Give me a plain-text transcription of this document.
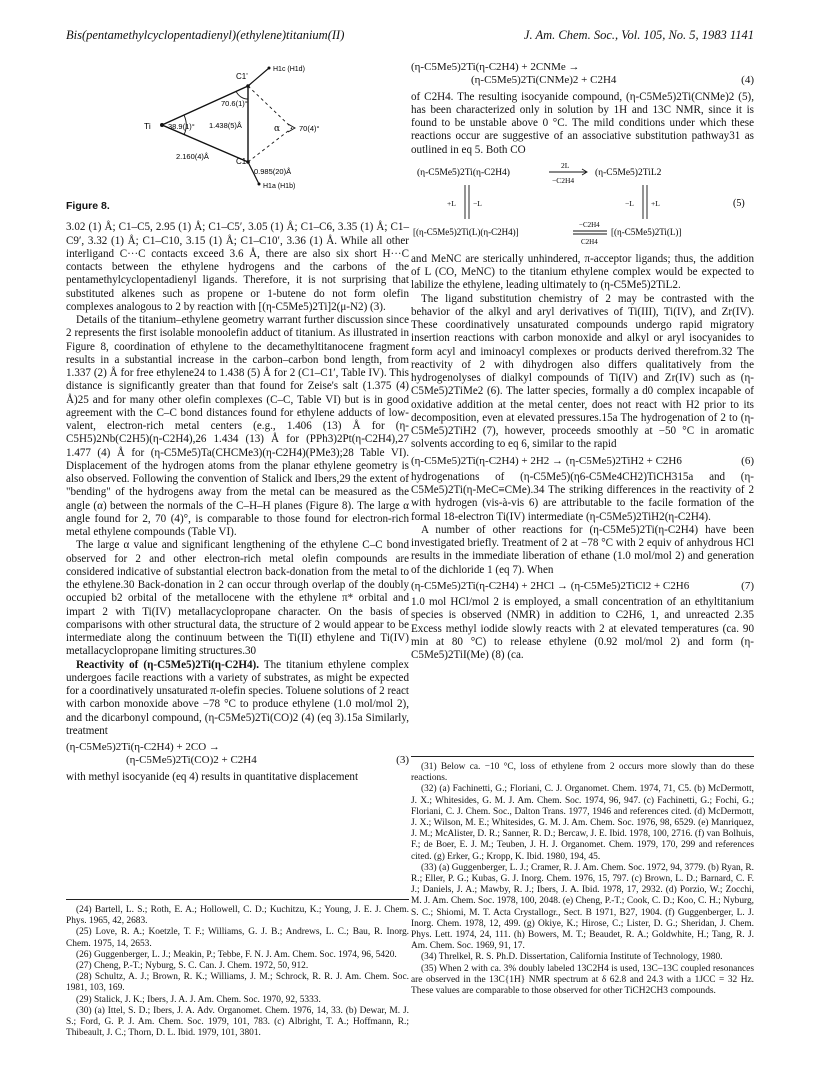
Bis(pentamethylcyclopentadienyl)(ethylene)titanium(II)	J. Am. Chem. Soc., Vol. 105, No. 5, 1983 1141
Ti
C1'
C1
H1c (H1d)
H1a (H1b)
38.9(1)°
70.6(1)°
1.438(5)Å
2.160(4)Å
0.985(20)Å
α	70(4)°
Figure 8.

3.02 (1) Å; C1–C5, 2.95 (1) Å; C1–C5′, 3.05 (1) Å; C1–C6, 3.35 (1) Å; C1–C9′, 3.32 (1) Å; C1–C10, 3.15 (1) Å; C1–C10′, 3.36 (1) Å. While all other interligand C···C contacts exceed 3.6 Å, there are also six short H···C contacts between the ethylene hydrogens and the carbons of the pentamethylcyclopentadienyl ligands. Therefore, it is not surprising that substituted alkenes such as propene or 1-butene do not form olefin complexes analogous to 2 by reaction with [(η-C5Me5)2Ti]2(μ-N2) (3).

Details of the titanium–ethylene geometry warrant further discussion since 2 represents the first isolable monoolefin adduct of titanium. As illustrated in Figure 8, coordination of ethylene to the decamethyltitanocene fragment results in a substantial increase in the carbon–carbon bond length, from 1.337 (2) Å for free ethylene24 to 1.438 (5) Å for 2 (C1–C1′, Table IV). This distance is significantly greater than that found for Zeise's salt (1.375 (4) Å)25 and for many other olefin complexes (C–C, Table VI) but is in good agreement with the C–C bond distances found for ethylene adducts of low-valent, electron-rich metal centers (e.g., 1.406 (13) Å for (η-C5H5)2Nb(C2H5)(η-C2H4),26 1.434 (13) Å for (PPh3)2Pt(η-C2H4),27 1.477 (4) Å for (η-C5Me5)Ta(CHCMe3)(η-C2H4)(PMe3);28 Table VI). Displacement of the hydrogen atoms from the planar ethylene geometry is also observed. Following the convention of Stalick and Ibers,29 the extent of "bending" of the hydrogens away from the metal can be measured as the angle (α) between the normals of the C–H–H planes (Figure 8). The large α angle found for 2, 70 (4)°, is comparable to those found for electron-rich metal ethylene compounds (Table VI).

The large α value and significant lengthening of the ethylene C–C bond observed for 2 and other electron-rich metal olefin compounds are considered indicative of substantial electron back-donation from the metal to the ethylene.30 Back-donation in 2 can occur through overlap of the doubly occupied b2 orbital of the metallocene with the ethylene π* orbital and impart 2 with Ti(IV) metallacyclopropane character. On the basis of comparisons with other structural data, the structure of 2 would appear to be intermediate along the continuum between the Ti(II) ethylene and Ti(IV) metallacyclopropane limiting structures.30

Reactivity of (η-C5Me5)2Ti(η-C2H4). The titanium ethylene complex undergoes facile reactions with a variety of substrates, as might be expected for a coordinatively unsaturated π-olefin species. Toluene solutions of 2 react with carbon monoxide above −78 °C to produce ethylene (1.0 mol/mol 2), and the dicarbonyl compound, (η-C5Me5)2Ti(CO)2 (4) (eq 3).15a Similarly, treatment

(η-C5Me5)2Ti(η-C2H4) + 2CO →
(η-C5Me5)2Ti(CO)2 + C2H4	(3)

with methyl isocyanide (eq 4) results in quantitative displacement

(24) Bartell, L. S.; Roth, E. A.; Hollowell, C. D.; Kuchitzu, K.; Young, J. E. J. Chem. Phys. 1965, 42, 2683.
(25) Love, R. A.; Koetzle, T. F.; Williams, G. J. B.; Andrews, L. C.; Bau, R. Inorg. Chem. 1975, 14, 2653.
(26) Guggenberger, L. J.; Meakin, P.; Tebbe, F. N. J. Am. Chem. Soc. 1974, 96, 5420.
(27) Cheng, P.-T.; Nyburg, S. C. Can. J. Chem. 1972, 50, 912.
(28) Schultz, A. J.; Brown, R. K.; Williams, J. M.; Schrock, R. R. J. Am. Chem. Soc. 1981, 103, 169.
(29) Stalick, J. K.; Ibers, J. A. J. Am. Chem. Soc. 1970, 92, 5333.
(30) (a) Ittel, S. D.; Ibers, J. A. Adv. Organomet. Chem. 1976, 14, 33. (b) Dewar, M. J. S.; Ford, G. P. J. Am. Chem. Soc. 1979, 101, 783. (c) Albright, T. A.; Hoffmann, R.; Thibeault, J. C.; Thorn, D. L. Ibid. 1979, 101, 3801.
(η-C5Me5)2Ti(η-C2H4) + 2CNMe →
(η-C5Me5)2Ti(CNMe)2 + C2H4	(4)

of C2H4. The resulting isocyanide compound, (η-C5Me5)2Ti(CNMe)2 (5), has been characterized only in solution by 1H and 13C NMR, since it is found to be unstable above 0 °C. The mild conditions under which these reactions occur are suggestive of an associative substitution pathway31 as outlined in eq 5. Both CO

(η-C5Me5)2Ti(η-C2H4)
2L
−C2H4
(η-C5Me5)2TiL2
+L −L	−L +L	(5)
[(η-C5Me5)2Ti(L)(η-C2H4)]
−C2H4
C2H4
[(η-C5Me5)2Ti(L)]

and MeNC are sterically unhindered, π-acceptor ligands; thus, the addition of L (CO, MeNC) to the titanium ethylene complex would be expected to labilize the ethylene, leading ultimately to (η-C5Me5)2TiL2.

The ligand substitution chemistry of 2 may be contrasted with the behavior of the alkyl and aryl derivatives of Ti(III), Ti(IV), and Zr(IV). These coordinatively unsaturated compounds undergo rapid migratory insertion reactions with carbon monoxide and alkyl or aryl isocyanides to form acyl and iminoacyl complexes or products derived therefrom.32 The reactivity of 2 with dihydrogen also differs qualitatively from the hydrogenolyses of dialkyl compounds of Ti(IV) and Zr(IV) such as (η-C5Me5)2TiMe2 (6). The latter species, formally a d0 complex incapable of oxidative addition at the metal center, does not react with H2 prior to its decomposition, even at elevated pressures.15a The hydrogenation of 2 to (η-C5Me5)2TiH2 (7), however, proceeds smoothly at −50 °C in aromatic solvents according to eq 6, similar to the rapid

(η-C5Me5)2Ti(η-C2H4) + 2H2 → (η-C5Me5)2TiH2 + C2H6	(6)

hydrogenations of (η-C5Me5)(η6-C5Me4CH2)TiCH315a and (η-C5Me5)2Ti(η-MeC≡CMe).34 The striking differences in the reactivity of 2 with hydrogen (vis-à-vis 6) are attributable to the facile formation of the formal 18-electron Ti(IV) intermediate (η-C5Me5)2TiH2(η-C2H4).

A number of other reactions for (η-C5Me5)2Ti(η-C2H4) have been investigated briefly. Treatment of 2 at −78 °C with 2 equiv of anhydrous HCl results in the immediate liberation of ethane (1.0 mol/mol 2) and generation of the dichloride 1 (eq 7). When

(η-C5Me5)2Ti(η-C2H4) + 2HCl → (η-C5Me5)2TiCl2 + C2H6	(7)

1.0 mol HCl/mol 2 is employed, a small concentration of an ethyltitanium species is observed (NMR) in addition to C2H6, 1, and unreacted 2.35 Excess methyl iodide slowly reacts with 2 at elevated temperatures (ca. 90 min at 80 °C) to release ethylene (0.92 mol/mol 2) and form (η-C5Me5)2TiI(Me) (8) (ca.

(31) Below ca. −10 °C, loss of ethylene from 2 occurs more slowly than do these reactions.
(32) (a) Fachinetti, G.; Floriani, C. J. Organomet. Chem. 1974, 71, C5. (b) McDermott, J. X.; Whitesides, G. M. J. Am. Chem. Soc. 1974, 96, 947. (c) Fachinetti, G.; Fochi, G.; Floriani, C. J. Chem. Soc., Dalton Trans. 1977, 1946 and references cited. (d) McDermott, J. X.; Wilson, M. E.; Whitesides, G. M. J. Am. Chem. Soc. 1976, 98, 6529. (e) Manriquez, J. M.; McAlister, D. R.; Sanner, R. D.; Bercaw, J. E. Ibid. 1978, 100, 2716. (f) van Bolhuis, F.; de Boer, E. J. M.; Teuben, J. H. J. Organomet. Chem. 1979, 170, 299 and references cited. (g) Erker, G.; Kropp, K. Ibid. 1980, 194, 45.
(33) (a) Guggenberger, L. J.; Cramer, R. J. Am. Chem. Soc. 1972, 94, 3779. (b) Ryan, R. R.; Eller, P. G.; Kubas, G. J. Inorg. Chem. 1976, 15, 797. (c) Brown, L. D.; Barnard, C. F. J.; Daniels, J. A.; Mawby, R. J.; Ibers, J. A. Ibid. 1978, 17, 2932. (d) Porzio, W.; Zocchi, M. J. Am. Chem. Soc. 1978, 100, 2048. (e) Cheng, P.-T.; Cook, C. D.; Koo, C. H.; Nyburg, S. C.; Shiomi, M. T. Acta Crystallogr., Sect. B 1971, B27, 1904. (f) Guggenberger, L. J. Inorg. Chem. 1978, 12, 499. (g) Okiye, K.; Hirose, C.; Lister, D. G.; Sheridan, J. Chem. Phys. Lett. 1974, 24, 111. (h) Bowers, M. T.; Beaudet, R. A.; Goldwhite, H.; Tang, R. J. Am. Chem. Soc. 1969, 91, 17.
(34) Threlkel, R. S. Ph.D. Dissertation, California Institute of Technology, 1980.
(35) When 2 with ca. 3% doubly labeled 13C2H4 is used, 13C–13C coupled resonances are observed in the 13C{1H} NMR spectrum at δ 62.8 and 24.3 with a 1JCC = 32 Hz. These values are comparable to those observed for other TiCH2CH3 compounds.
